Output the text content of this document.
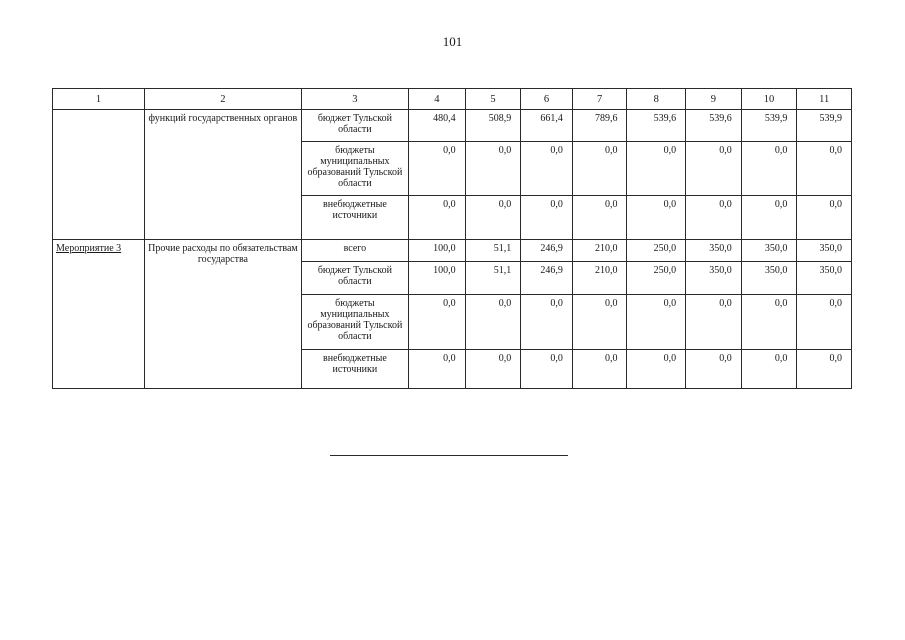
101
1	2	3	4	5	6	7	8	9	10	11
	функций государственных органов	бюджет Тульской области	480,4	508,9	661,4	789,6	539,6	539,6	539,9	539,9
		бюджеты муниципальных образований Тульской области	0,0	0,0	0,0	0,0	0,0	0,0	0,0	0,0
		внебюджетные источники	0,0	0,0	0,0	0,0	0,0	0,0	0,0	0,0
Мероприятие 3	Прочие расходы по обязательствам государства	всего	100,0	51,1	246,9	210,0	250,0	350,0	350,0	350,0
		бюджет Тульской области	100,0	51,1	246,9	210,0	250,0	350,0	350,0	350,0
		бюджеты муниципальных образований Тульской области	0,0	0,0	0,0	0,0	0,0	0,0	0,0	0,0
		внебюджетные источники	0,0	0,0	0,0	0,0	0,0	0,0	0,0	0,0
